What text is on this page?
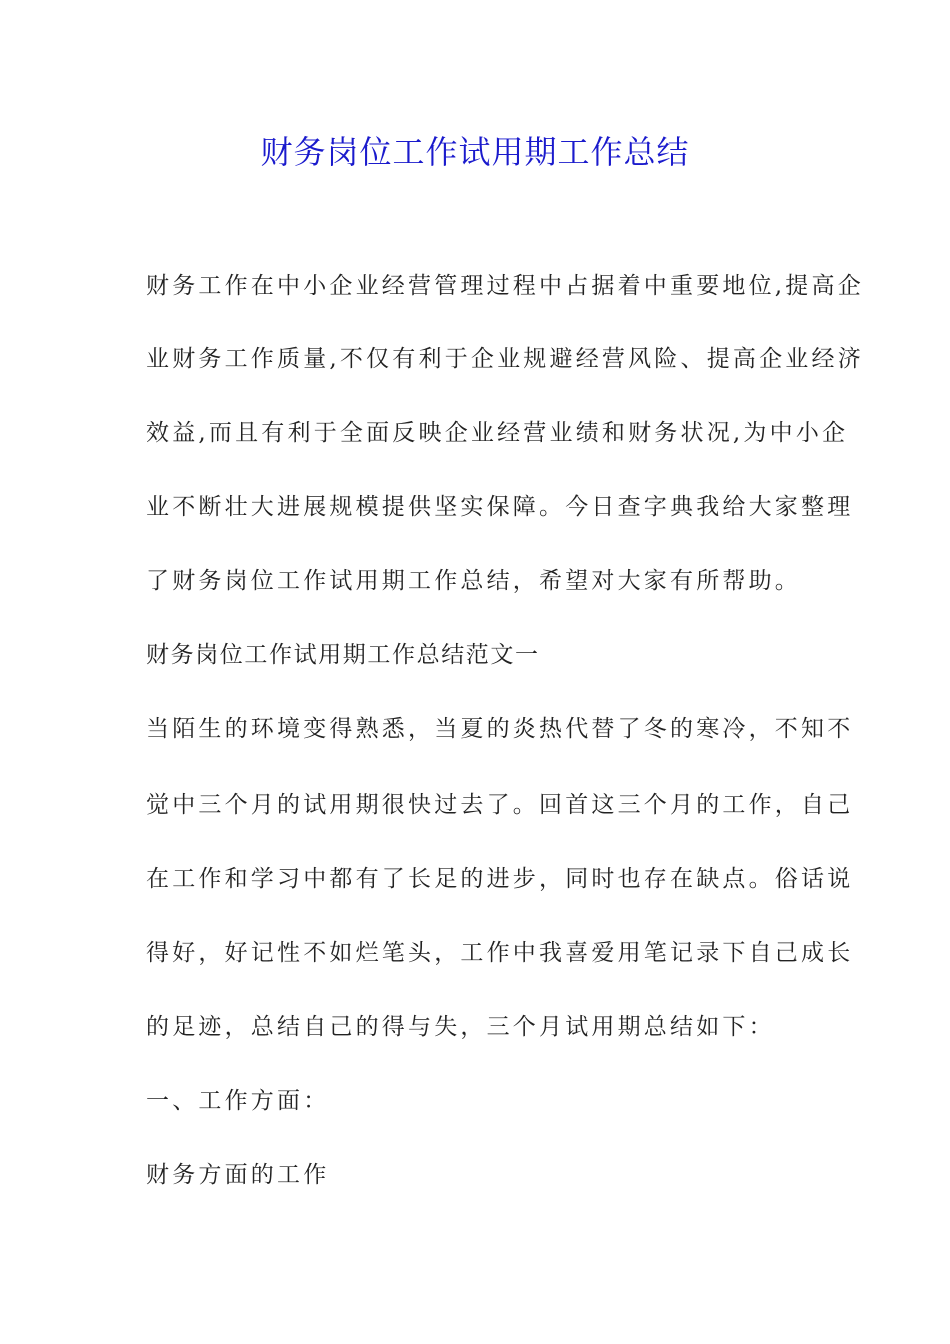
财务岗位工作试用期工作总结
财务工作在中小企业经营管理过程中占据着中重要地位,提高企
业财务工作质量,不仅有利于企业规避经营风险、提高企业经济
效益,而且有利于全面反映企业经营业绩和财务状况,为中小企
业不断壮大进展规模提供坚实保障。今日查字典我给大家整理
了财务岗位工作试用期工作总结，希望对大家有所帮助。
财务岗位工作试用期工作总结范文一
当陌生的环境变得熟悉，当夏的炎热代替了冬的寒冷，不知不
觉中三个月的试用期很快过去了。回首这三个月的工作，自己
在工作和学习中都有了长足的进步，同时也存在缺点。俗话说
得好，好记性不如烂笔头，工作中我喜爱用笔记录下自己成长
的足迹，总结自己的得与失，三个月试用期总结如下：
一、工作方面：
财务方面的工作
